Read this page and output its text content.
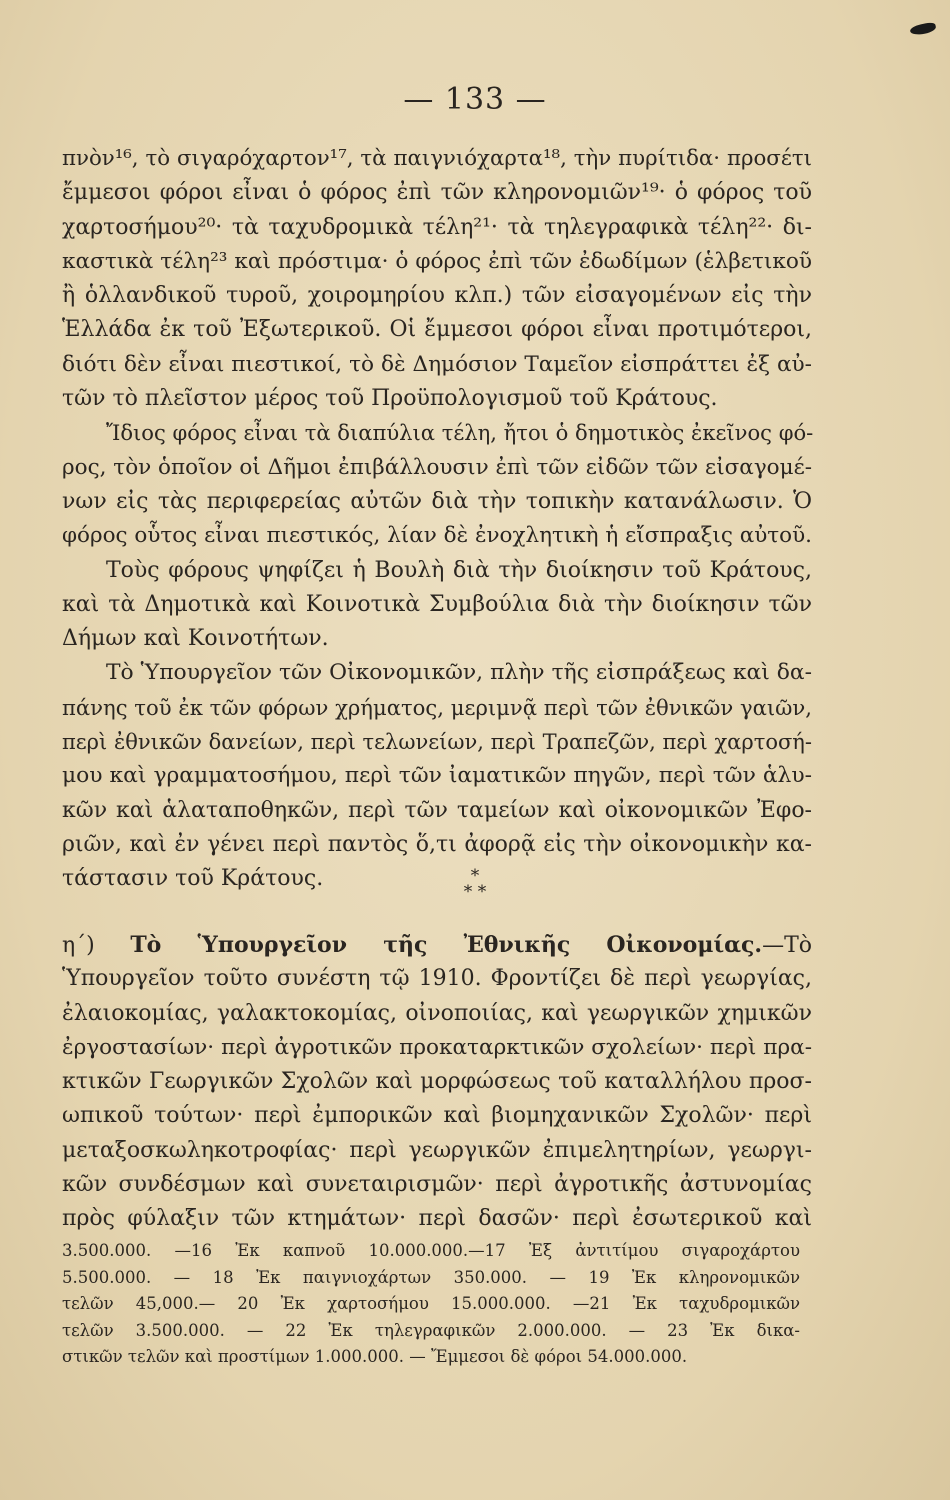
— 133 —
πνὸν¹⁶, τὸ σιγαρόχαρτον¹⁷, τὰ παιγνιόχαρτα¹⁸, τὴν πυρίτιδα· προσέτι
ἔμμεσοι φόροι εἶναι ὁ φόρος ἐπὶ τῶν κληρονομιῶν¹⁹· ὁ φόρος τοῦ
χαρτοσήμου²⁰· τὰ ταχυδρομικὰ τέλη²¹· τὰ τηλεγραφικὰ τέλη²²· δι-
καστικὰ τέλη²³ καὶ πρόστιμα· ὁ φόρος ἐπὶ τῶν ἐδωδίμων (ἑλβετικοῦ
ἢ ὁλλανδικοῦ τυροῦ, χοιρομηρίου κλπ.) τῶν εἰσαγομένων εἰς τὴν
Ἑλλάδα ἐκ τοῦ Ἐξωτερικοῦ. Οἱ ἔμμεσοι φόροι εἶναι προτιμότεροι,
διότι δὲν εἶναι πιεστικοί, τὸ δὲ Δημόσιον Ταμεῖον εἰσπράττει ἐξ αὐ-
τῶν τὸ πλεῖστον μέρος τοῦ Προϋπολογισμοῦ τοῦ Κράτους.
Ἴδιος φόρος εἶναι τὰ διαπύλια τέλη, ἤτοι ὁ δημοτικὸς ἐκεῖνος φό-
ρος, τὸν ὁποῖον οἱ Δῆμοι ἐπιβάλλουσιν ἐπὶ τῶν εἰδῶν τῶν εἰσαγομέ-
νων εἰς τὰς περιφερείας αὐτῶν διὰ τὴν τοπικὴν κατανάλωσιν. Ὁ
φόρος οὗτος εἶναι πιεστικός, λίαν δὲ ἐνοχλητικὴ ἡ εἴσπραξις αὐτοῦ.
Τοὺς φόρους ψηφίζει ἡ Βουλὴ διὰ τὴν διοίκησιν τοῦ Κράτους,
καὶ τὰ Δημοτικὰ καὶ Κοινοτικὰ Συμβούλια διὰ τὴν διοίκησιν τῶν
Δήμων καὶ Κοινοτήτων.
Τὸ Ὑπουργεῖον τῶν Οἰκονομικῶν, πλὴν τῆς εἰσπράξεως καὶ δα-
πάνης τοῦ ἐκ τῶν φόρων χρήματος, μεριμνᾷ περὶ τῶν ἐθνικῶν γαιῶν,
περὶ ἐθνικῶν δανείων, περὶ τελωνείων, περὶ Τραπεζῶν, περὶ χαρτοσή-
μου καὶ γραμματοσήμου, περὶ τῶν ἰαματικῶν πηγῶν, περὶ τῶν ἁλυ-
κῶν καὶ ἁλαταποθηκῶν, περὶ τῶν ταμείων καὶ οἰκονομικῶν Ἐφο-
ριῶν, καὶ ἐν γένει περὶ παντὸς ὅ,τι ἀφορᾷ εἰς τὴν οἰκονομικὴν κα-
τάστασιν τοῦ Κράτους.	*
* *
η΄) Τὸ Ὑπουργεῖον τῆς Ἐθνικῆς Οἰκονομίας.—Τὸ
Ὑπουργεῖον τοῦτο συνέστη τῷ 1910. Φροντίζει δὲ περὶ γεωργίας,
ἐλαιοκομίας, γαλακτοκομίας, οἰνοποιίας, καὶ γεωργικῶν χημικῶν
ἐργοστασίων· περὶ ἀγροτικῶν προκαταρκτικῶν σχολείων· περὶ πρα-
κτικῶν Γεωργικῶν Σχολῶν καὶ μορφώσεως τοῦ καταλλήλου προσ-
ωπικοῦ τούτων· περὶ ἐμπορικῶν καὶ βιομηχανικῶν Σχολῶν· περὶ
μεταξοσκωληκοτροφίας· περὶ γεωργικῶν ἐπιμελητηρίων, γεωργι-
κῶν συνδέσμων καὶ συνεταιρισμῶν· περὶ ἀγροτικῆς ἀστυνομίας
πρὸς φύλαξιν τῶν κτημάτων· περὶ δασῶν· περὶ ἐσωτερικοῦ καὶ
3.500.000. —16 Ἐκ καπνοῦ 10.000.000.—17 Ἐξ ἀντιτίμου σιγαροχάρτου
5.500.000. — 18 Ἐκ παιγνιοχάρτων 350.000. — 19 Ἐκ κληρονομικῶν
τελῶν 45,000.— 20 Ἐκ χαρτοσήμου 15.000.000. —21 Ἐκ ταχυδρομικῶν
τελῶν 3.500.000. — 22 Ἐκ τηλεγραφικῶν 2.000.000. — 23 Ἐκ δικα-
στικῶν τελῶν καὶ προστίμων 1.000.000. — Ἔμμεσοι δὲ φόροι 54.000.000.
